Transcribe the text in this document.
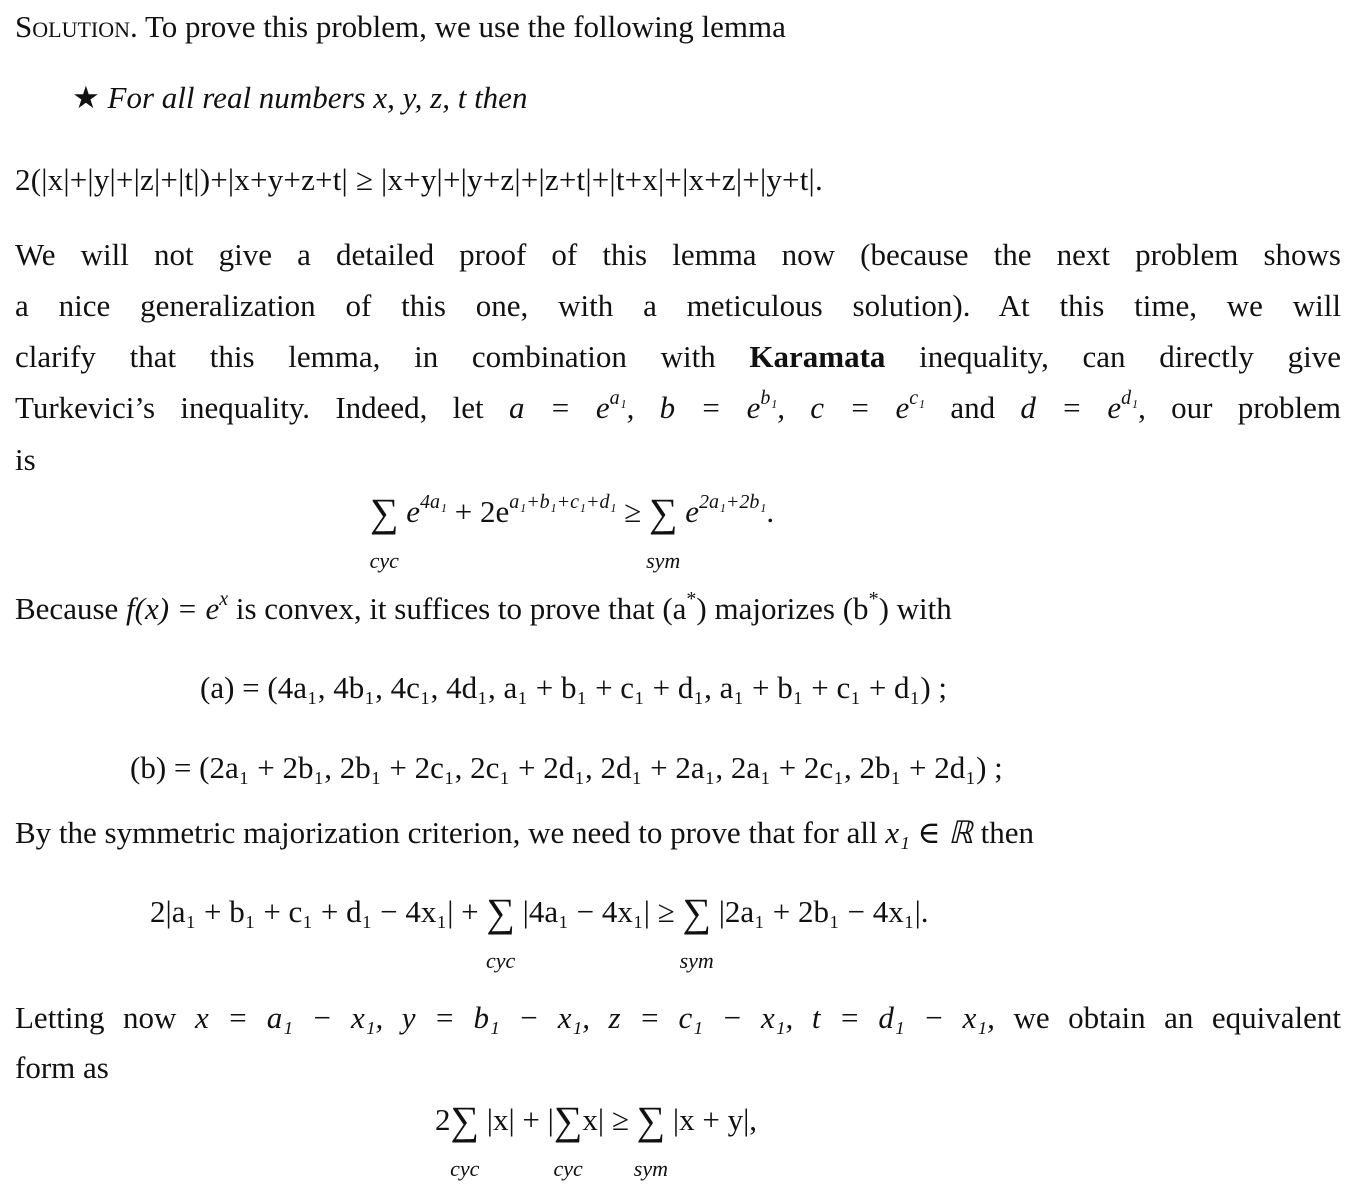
Solution. To prove this problem, we use the following lemma
★ For all real numbers x, y, z, t then
2(|x|+|y|+|z|+|t|)+|x+y+z+t| ≥ |x+y|+|y+z|+|z+t|+|t+x|+|x+z|+|y+t|.
We will not give a detailed proof of this lemma now (because the next problem shows
a nice generalization of this one, with a meticulous solution). At this time, we will
clarify that this lemma, in combination with Karamata inequality, can directly give
Turkevici’s inequality. Indeed, let $a = e^{a_1}$, $b = e^{b_1}$, $c = e^{c_1}$ and $d = e^{d_1}$, our problem
is
∑
cyc
$e^{4a_1} + 2e^{a_1+b_1+c_1+d_1}$ ≥ ∑
sym
$e^{2a_1+2b_1}$.
Because $f(x) = e^x$ is convex, it suffices to prove that (a*) majorizes (b*) with
(a) = (4a₁, 4b₁, 4c₁, 4d₁, a₁ + b₁ + c₁ + d₁, a₁ + b₁ + c₁ + d₁) ;
(b) = (2a₁ + 2b₁, 2b₁ + 2c₁, 2c₁ + 2d₁, 2d₁ + 2a₁, 2a₁ + 2c₁, 2b₁ + 2d₁) ;
By the symmetric majorization criterion, we need to prove that for all x₁ ∈ ℝ then
2|a₁ + b₁ + c₁ + d₁ − 4x₁| + ∑
cyc
|4a₁ − 4x₁| ≥ ∑
sym
|2a₁ + 2b₁ − 4x₁|.
Letting now x = a₁ − x₁, y = b₁ − x₁, z = c₁ − x₁, t = d₁ − x₁, we obtain an equivalent
form as
2∑
cyc
|x| + |∑
cyc
x| ≥ ∑
sym
|x + y|,
